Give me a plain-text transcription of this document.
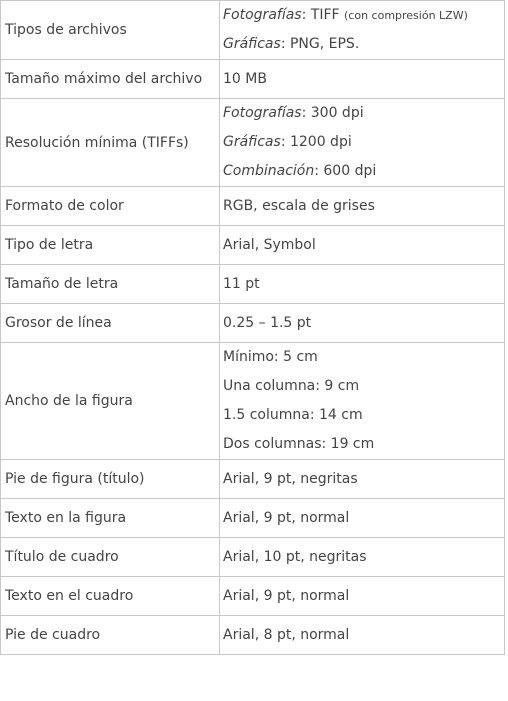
Tipos de archivos	Fotografías: TIFF (con compresión LZW)
Gráficas: PNG, EPS.

Tamaño máximo del archivo	10 MB
Resolución mínima (TIFFs)	Fotografías: 300 dpi
Gráficas: 1200 dpi
Combinación: 600 dpi

Formato de color	RGB, escala de grises
Tipo de letra	Arial, Symbol
Tamaño de letra	11 pt
Grosor de línea	0.25 – 1.5 pt
Ancho de la figura	Mínimo: 5 cm
Una columna: 9 cm
1.5 columna: 14 cm
Dos columnas: 19 cm

Pie de figura (título)	Arial, 9 pt, negritas
Texto en la figura	Arial, 9 pt, normal
Título de cuadro	Arial, 10 pt, negritas
Texto en el cuadro	Arial, 9 pt, normal
Pie de cuadro	Arial, 8 pt, normal
